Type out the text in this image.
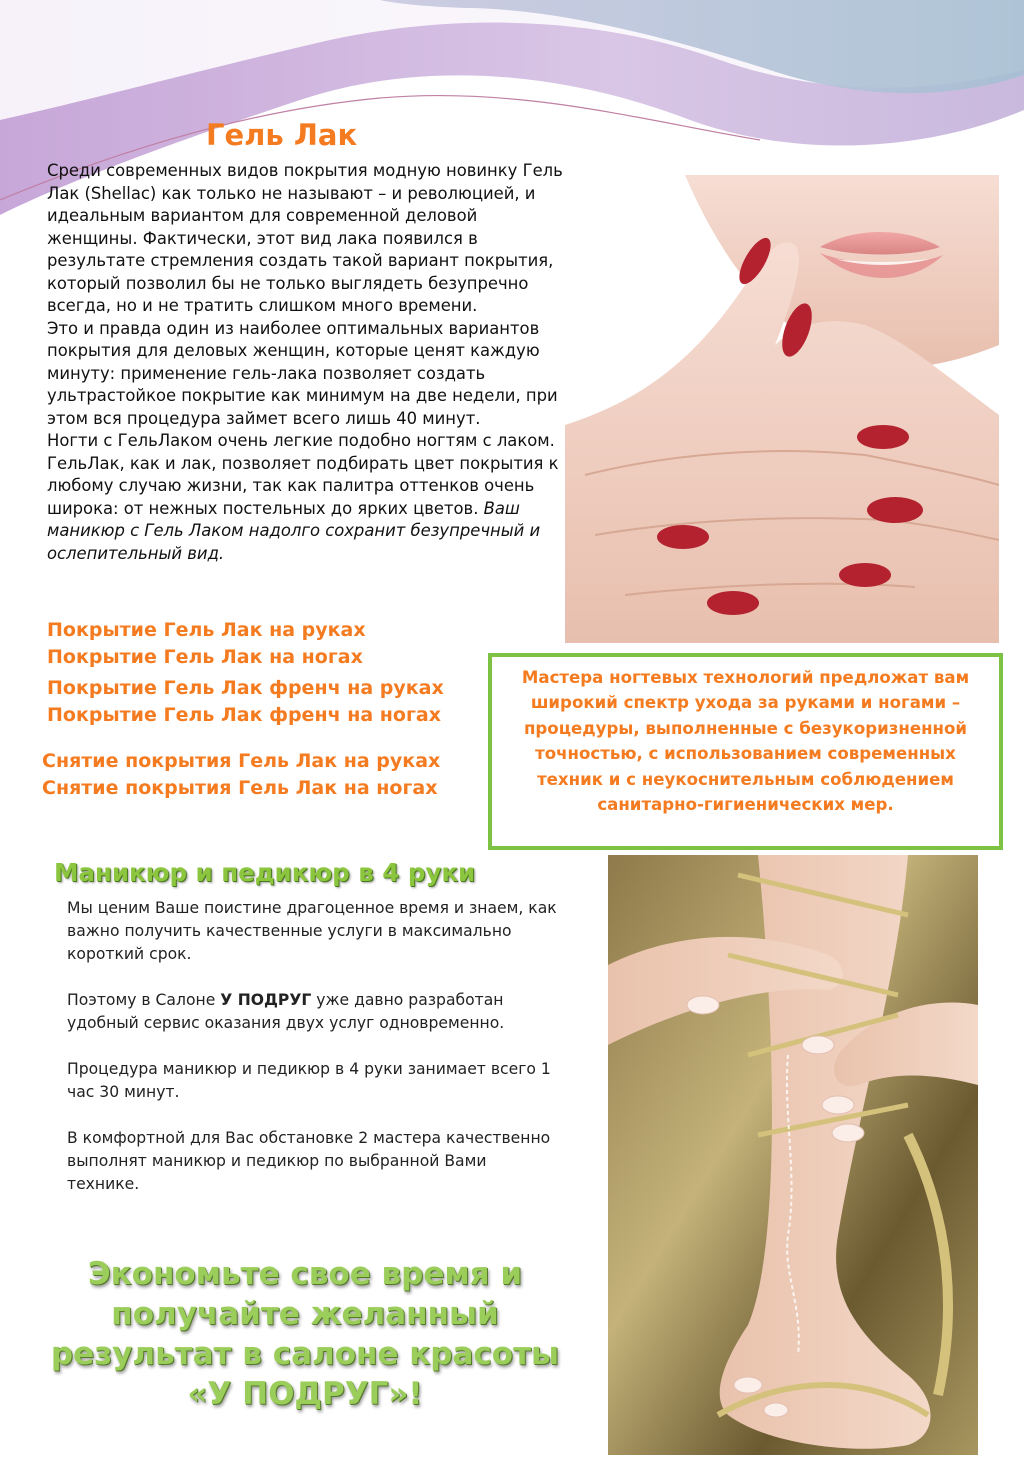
Гель Лак

Среди современных видов покрытия модную новинку Гель Лак (Shellac) как только не называют – и революцией, и идеальным вариантом для современной деловой женщины. Фактически, этот вид лака появился в результате стремления создать такой вариант покрытия, который позволил бы не только выглядеть безупречно всегда, но и не тратить слишком много времени.

Это и правда один из наиболее оптимальных вариантов покрытия для деловых женщин, которые ценят каждую минуту: применение гель-лака позволяет создать ультрастойкое покрытие как минимум на две недели, при этом вся процедура займет всего лишь 40 минут.

Ногти с ГельЛаком очень легкие подобно ногтям с лаком. ГельЛак, как и лак, позволяет подбирать цвет покрытия к любому случаю жизни, так как палитра оттенков очень широка: от нежных постельных до ярких цветов. Ваш маникюр с Гель Лаком надолго сохранит безупречный и ослепительный вид.

Покрытие Гель Лак на руках
Покрытие Гель Лак на ногах
Покрытие Гель Лак френч на руках
Покрытие Гель Лак френч на ногах
Снятие покрытия Гель Лак на руках
Снятие покрытия Гель Лак на ногах

Мастера ногтевых технологий предложат вам широкий спектр ухода за руками и ногами – процедуры, выполненные с безукоризненной точностью, с использованием современных техник и с неукоснительным соблюдением санитарно-гигиенических мер.

Маникюр и педикюр в 4 руки

Мы ценим Ваше поистине драгоценное время и знаем, как важно получить качественные услуги в максимально короткий срок.

Поэтому в Салоне У ПОДРУГ уже давно разработан удобный сервис оказания двух услуг одновременно.

Процедура маникюр и педикюр в 4 руки занимает всего 1 час 30 минут.

В комфортной для Вас обстановке 2 мастера качественно выполнят маникюр и педикюр по выбранной Вами технике.

Экономьте свое время и получайте желанный результат в салоне красоты «У ПОДРУГ»!
